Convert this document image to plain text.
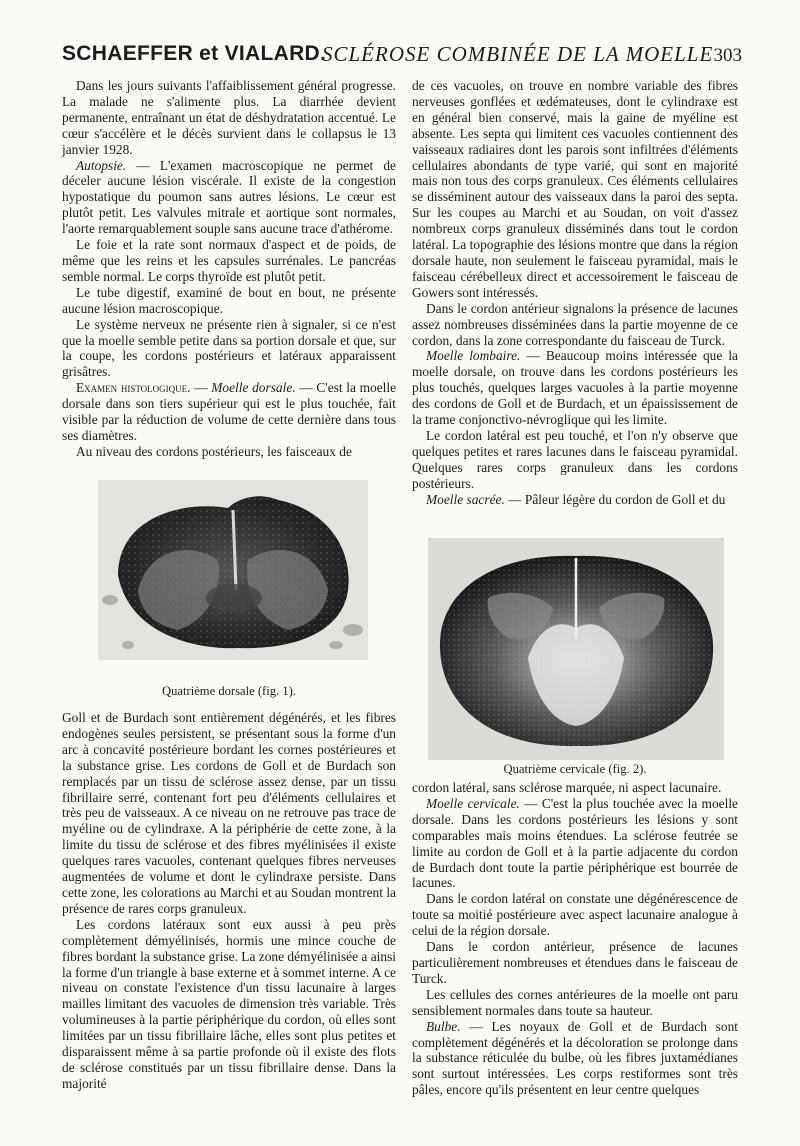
SCHAEFFER et VIALARD.
SCLÉROSE COMBINÉE DE LA MOELLE 303

Dans les jours suivants l'affaiblissement général progresse. La malade ne s'alimente plus. La diarrhée devient permanente, entraînant un état de déshydratation accentué. Le cœur s'accélère et le décès survient dans le collapsus le 13 janvier 1928.

Autopsie. — L'examen macroscopique ne permet de déceler aucune lésion viscérale. Il existe de la congestion hypostatique du poumon sans autres lésions. Le cœur est plutôt petit. Les valvules mitrale et aortique sont normales, l'aorte remarquablement souple sans aucune trace d'athérome.

Le foie et la rate sont normaux d'aspect et de poids, de même que les reins et les capsules surrénales. Le pancréas semble normal. Le corps thyroïde est plutôt petit.

Le tube digestif, examiné de bout en bout, ne présente aucune lésion macroscopique.

Le système nerveux ne présente rien à signaler, si ce n'est que la moelle semble petite dans sa portion dorsale et que, sur la coupe, les cordons postérieurs et latéraux apparaissent grisâtres.

Examen histologique. — Moelle dorsale. — C'est la moelle dorsale dans son tiers supérieur qui est le plus touchée, fait visible par la réduction de volume de cette dernière dans tous ses diamètres.

Au niveau des cordons postérieurs, les faisceaux de

Quatrième dorsale (fig. 1).

Goll et de Burdach sont entièrement dégénérés, et les fibres endogènes seules persistent, se présentant sous la forme d'un arc à concavité postérieure bordant les cornes postérieures et la substance grise. Les cordons de Goll et de Burdach son remplacés par un tissu de sclérose assez dense, par un tissu fibrillaire serré, contenant fort peu d'éléments cellulaires et très peu de vaisseaux. A ce niveau on ne retrouve pas trace de myéline ou de cylindraxe. A la périphérie de cette zone, à la limite du tissu de sclérose et des fibres myélinisées il existe quelques rares vacuoles, contenant quelques fibres nerveuses augmentées de volume et dont le cylindraxe persiste. Dans cette zone, les colorations au Marchi et au Soudan montrent la présence de rares corps granuleux.

Les cordons latéraux sont eux aussi à peu près complètement démyélinisés, hormis une mince couche de fibres bordant la substance grise. La zone démyélinisée a ainsi la forme d'un triangle à base externe et à sommet interne. A ce niveau on constate l'existence d'un tissu lacunaire à larges mailles limitant des vacuoles de dimension très variable. Très volumineuses à la partie périphérique du cordon, où elles sont limitées par un tissu fibrillaire lâche, elles sont plus petites et disparaissent même à sa partie profonde où il existe des flots de sclérose constitués par un tissu fibrillaire dense. Dans la majorité

de ces vacuoles, on trouve en nombre variable des fibres nerveuses gonflées et œdémateuses, dont le cylindraxe est en général bien conservé, mais la gaine de myéline est absente. Les septa qui limitent ces vacuoles contiennent des vaisseaux radiaires dont les parois sont infiltrées d'éléments cellulaires abondants de type varié, qui sont en majorité mais non tous des corps granuleux. Ces éléments cellulaires se disséminent autour des vaisseaux dans la paroi des septa. Sur les coupes au Marchi et au Soudan, on voit d'assez nombreux corps granuleux disséminés dans tout le cordon latéral. La topographie des lésions montre que dans la région dorsale haute, non seulement le faisceau pyramidal, mais le faisceau cérébelleux direct et accessoirement le faisceau de Gowers sont intéressés.

Dans le cordon antérieur signalons la présence de lacunes assez nombreuses disséminées dans la partie moyenne de ce cordon, dans la zone correspondante du faisceau de Turck.

Moelle lombaire. — Beaucoup moins intéressée que la moelle dorsale, on trouve dans les cordons postérieurs les plus touchés, quelques larges vacuoles à la partie moyenne des cordons de Goll et de Burdach, et un épaississement de la trame conjonctivo-névroglique qui les limite.

Le cordon latéral est peu touché, et l'on n'y observe que quelques petites et rares lacunes dans le faisceau pyramidal. Quelques rares corps granuleux dans les cordons postérieurs.

Moelle sacrée. — Pâleur légère du cordon de Goll et du

Quatrième cervicale (fig. 2).

cordon latéral, sans sclérose marquée, ni aspect lacunaire.

Moelle cervicale. — C'est la plus touchée avec la moelle dorsale. Dans les cordons postérieurs les lésions y sont comparables mais moins étendues. La sclérose feutrée se limite au cordon de Goll et à la partie adjacente du cordon de Burdach dont toute la partie périphérique est bourrée de lacunes.

Dans le cordon latéral on constate une dégénérescence de toute sa moitié postérieure avec aspect lacunaire analogue à celui de la région dorsale.

Dans le cordon antérieur, présence de lacunes particulièrement nombreuses et étendues dans le faisceau de Turck.

Les cellules des cornes antérieures de la moelle ont paru sensiblement normales dans toute sa hauteur.

Bulbe. — Les noyaux de Goll et de Burdach sont complètement dégénérés et la décoloration se prolonge dans la substance réticulée du bulbe, où les fibres juxtamédianes sont surtout intéressées. Les corps restiformes sont très pâles, encore qu'ils présentent en leur centre quelques
